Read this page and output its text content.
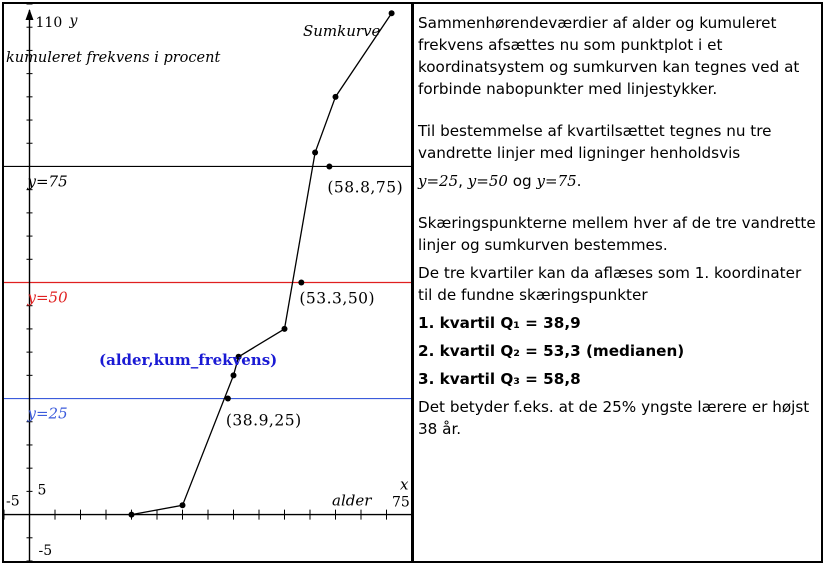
Sumkurve
kumuleret frekvens i procent
110 y
5
-5
-5	75
x
alder
y=75
y=50
y=25
(58.8,75)
(53.3,50)
(38.9,25)
(alder,kum_frekvens)

Sammenhørendeværdier af alder og kumuleret frekvens afsættes nu som punktplot i et koordinatsystem og sumkurven kan tegnes ved at forbinde nabopunkter med linjestykker.

Til bestemmelse af kvartilsættet tegnes nu tre vandrette linjer med ligninger henholdsvis

y=25, y=50 og y=75.

Skæringspunkterne mellem hver af de tre vandrette linjer og sumkurven bestemmes.

De tre kvartiler kan da aflæses som 1. koordinater til de fundne skæringspunkter

1. kvartil Q₁ = 38,9

2. kvartil Q₂ = 53,3 (medianen)

3. kvartil Q₃ = 58,8

Det betyder f.eks. at de 25% yngste lærere er højst 38 år.
